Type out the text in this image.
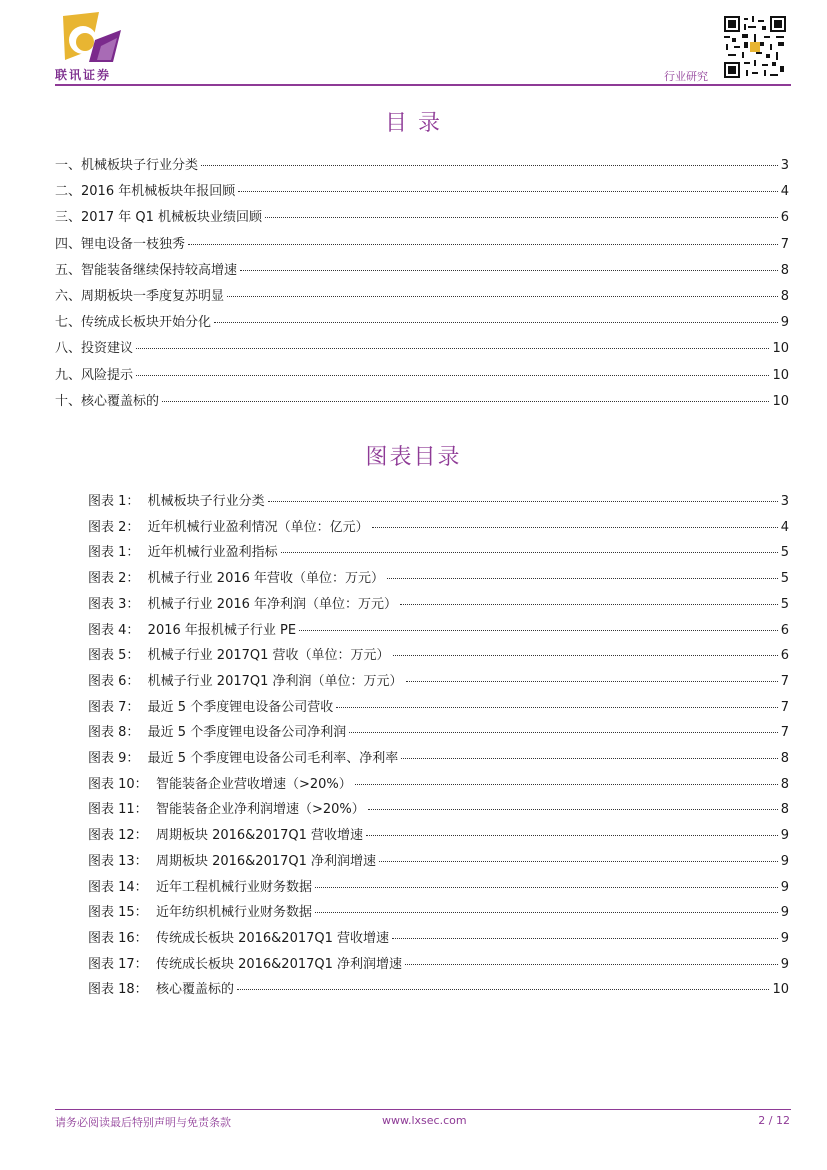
联讯证券	行业研究
目 录
一、机械板块子行业分类	3
二、2016 年机械板块年报回顾	4
三、2017 年 Q1 机械板块业绩回顾	6
四、锂电设备一枝独秀	7
五、智能装备继续保持较高增速	8
六、周期板块一季度复苏明显	8
七、传统成长板块开始分化	9
八、投资建议	10
九、风险提示	10
十、核心覆盖标的	10
图表目录
图表 1：  机械板块子行业分类	3
图表 2：  近年机械行业盈利情况（单位：亿元）	4
图表 1：  近年机械行业盈利指标	5
图表 2：  机械子行业 2016 年营收（单位：万元）	5
图表 3：  机械子行业 2016 年净利润（单位：万元）	5
图表 4：  2016 年报机械子行业 PE	6
图表 5：  机械子行业 2017Q1 营收（单位：万元）	6
图表 6：  机械子行业 2017Q1 净利润（单位：万元）	7
图表 7：  最近 5 个季度锂电设备公司营收	7
图表 8：  最近 5 个季度锂电设备公司净利润	7
图表 9：  最近 5 个季度锂电设备公司毛利率、净利率	8
图表 10：  智能装备企业营收增速（>20%）	8
图表 11：  智能装备企业净利润增速（>20%）	8
图表 12：  周期板块 2016&2017Q1 营收增速	9
图表 13：  周期板块 2016&2017Q1 净利润增速	9
图表 14：  近年工程机械行业财务数据	9
图表 15：  近年纺织机械行业财务数据	9
图表 16：  传统成长板块 2016&2017Q1 营收增速	9
图表 17：  传统成长板块 2016&2017Q1 净利润增速	9
图表 18：  核心覆盖标的	10
请务必阅读最后特别声明与免责条款	www.lxsec.com	2 / 12
